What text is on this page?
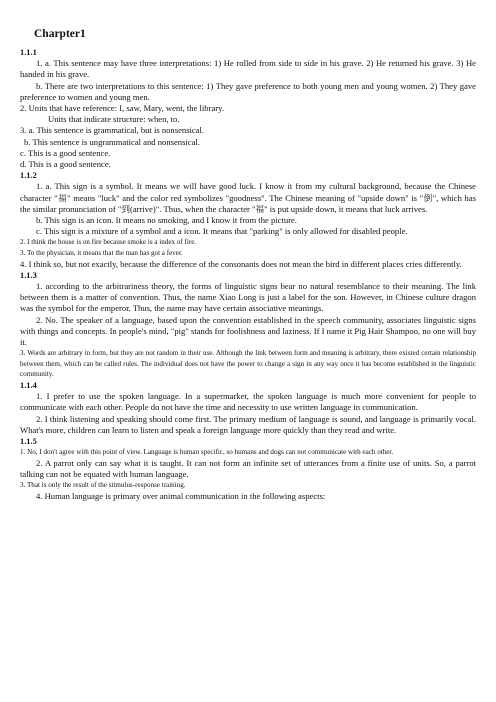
Charpter1

1.1.1

1. a. This sentence may have three interpretations: 1) He rolled from side to side in his grave. 2) He returned his grave. 3) He handed in his grave.

b. There are two interpretations to this sentence: 1) They gave preference to both young men and young women. 2) They gave preference to women and young men.

2. Units that have reference: I, saw, Mary, went, the library.

Units that indicate structure: when, to.

3. a. This sentence is grammatical, but is nonsensical.

b. This sentence is ungrammatical and nonsensical.

c. This is a good sentence.

d. This is a good sentence.

1.1.2

1. a. This sign is a symbol. It means we will have good luck. I know it from my cultural background, because the Chinese character "福" means "luck" and the color red symbolizes "goodness". The Chinese meaning of "upside down" is "倒", which has the similar pronunciation of "到(arrive)". Thus, when the character "福" is put upside down, it means that luck arrives.

b. This sign is an icon. It means no smoking, and I know it from the picture.

c. This sign is a mixture of a symbol and a icon. It means that "parking" is only allowed for disabled people.

2. I think the house is on fire because smoke is a index of fire.

3. To the physician, it means that the man has got a fever.

4. I think so, but not exactly, because the difference of the consonants does not mean the bird in different places cries differently.

1.1.3

1. according to the arbitrariness theory, the forms of linguistic signs bear no natural resemblance to their meaning. The link between them is a matter of convention. Thus, the name Xiao Long is just a label for the son. However, in Chinese culture dragon was the symbol for the emperor. Thus, the name may have certain associative meanings.

2. No. The speaker of a language, based upon the convention established in the speech community, associates linguistic signs with things and concepts. In people's mind, "pig" stands for foolishness and laziness. If I name it Pig Hair Shampoo, no one will buy it.

3. Words are arbitrary in form, but they are not random in their use. Although the link between form and meaning is arbitrary, there existed certain relationship between them, which can be called rules. The individual does not have the power to change a sign in any way once it has become established in the linguistic community.

1.1.4

1. I prefer to use the spoken language. In a supermarket, the spoken language is much more convenient for people to communicate with each other. People do not have the time and necessity to use written language in communication.

2. I think listening and speaking should come first. The primary medium of language is sound, and language is primarily vocal. What's more, children can learn to listen and speak a foreign language more quickly than they read and write.

1.1.5

1. No, I don't agree with this point of view. Language is human specific, so humans and dogs can not communicate with each other.

2. A parrot only can say what it is taught. It can not form an infinite set of utterances from a finite use of units. So, a parrot talking can not be equated with human language.

3. That is only the result of the stimulus-response training.

4. Human language is primary over animal communication in the following aspects:
